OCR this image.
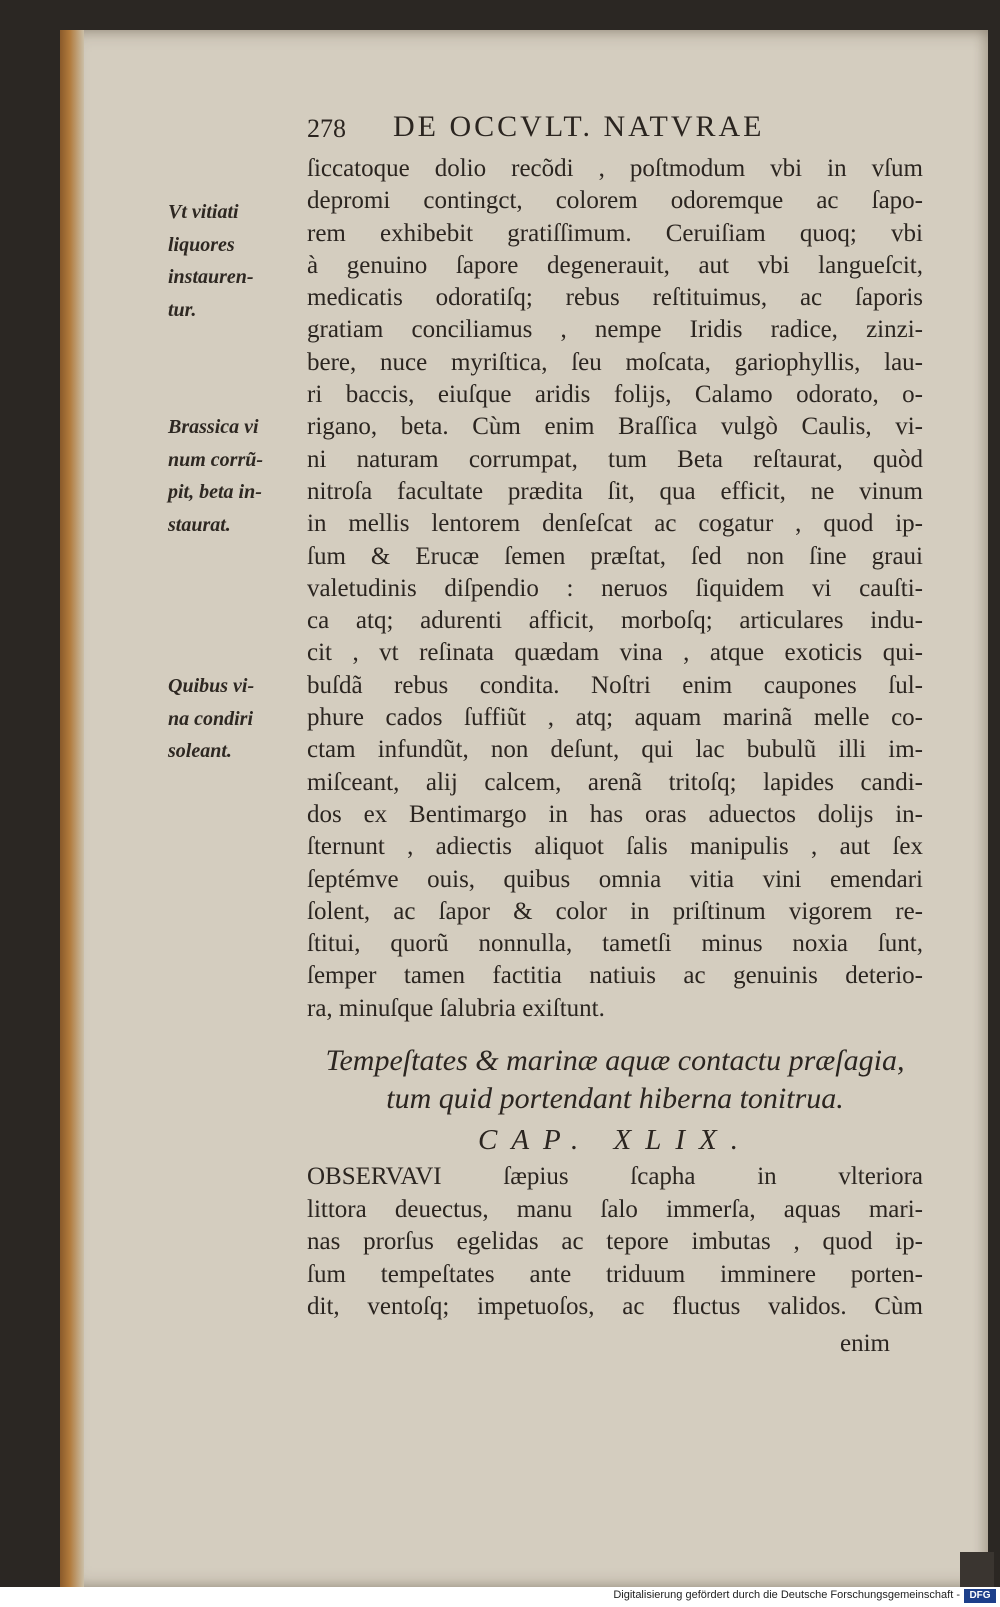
278 DE OCCVLT. NATVRAE
Vt vitiati
liquores
instauren-
tur.
Brassica vi
num corrũ-
pit, beta in-
staurat.
Quibus vi-
na condiri
soleant.
ſiccatoque dolio recõdi , poſtmodum vbi in vſum
depromi contingct, colorem odoremque ac ſapo-
rem exhibebit gratiſſimum. Ceruiſiam quoq; vbi
à genuino ſapore degenerauit, aut vbi langueſcit,
medicatis odoratiſq; rebus reſtituimus, ac ſaporis
gratiam conciliamus , nempe Iridis radice, zinzi-
bere, nuce myriſtica, ſeu moſcata, gariophyllis, lau-
ri baccis, eiuſque aridis folijs, Calamo odorato, o-
rigano, beta. Cùm enim Braſſica vulgò Caulis, vi-
ni naturam corrumpat, tum Beta reſtaurat, quòd
nitroſa facultate prædita ſit, qua efficit, ne vinum
in mellis lentorem denſeſcat ac cogatur , quod ip-
ſum & Erucæ ſemen præſtat, ſed non ſine graui
valetudinis diſpendio : neruos ſiquidem vi cauſti-
ca atq; adurenti afficit, morboſq; articulares indu-
cit , vt reſinata quædam vina , atque exoticis qui-
buſdã rebus condita. Noſtri enim caupones ſul-
phure cados ſuffiũt , atq; aquam marinã melle co-
ctam infundũt, non deſunt, qui lac bubulũ illi im-
miſceant, alij calcem, arenã tritoſq; lapides candi-
dos ex Bentimargo in has oras aduectos dolijs in-
ſternunt , adiectis aliquot ſalis manipulis , aut ſex
ſeptémve ouis, quibus omnia vitia vini emendari
ſolent, ac ſapor & color in priſtinum vigorem re-
ſtitui, quorũ nonnulla, tametſi minus noxia ſunt,
ſemper tamen factitia natiuis ac genuinis deterio-
ra, minuſque ſalubria exiſtunt.
Tempeſtates & marinæ aquæ contactu præſagia,
tum quid portendant hiberna tonitrua.
CAP. XLIX.
OBSERVAVI ſæpius ſcapha in vlteriora
littora deuectus, manu ſalo immerſa, aquas mari-
nas prorſus egelidas ac tepore imbutas , quod ip-
ſum tempeſtates ante triduum imminere porten-
dit, ventoſq; impetuoſos, ac fluctus validos. Cùm
enim
Digitalisierung gefördert durch die Deutsche Forschungsgemeinschaft - DFG
